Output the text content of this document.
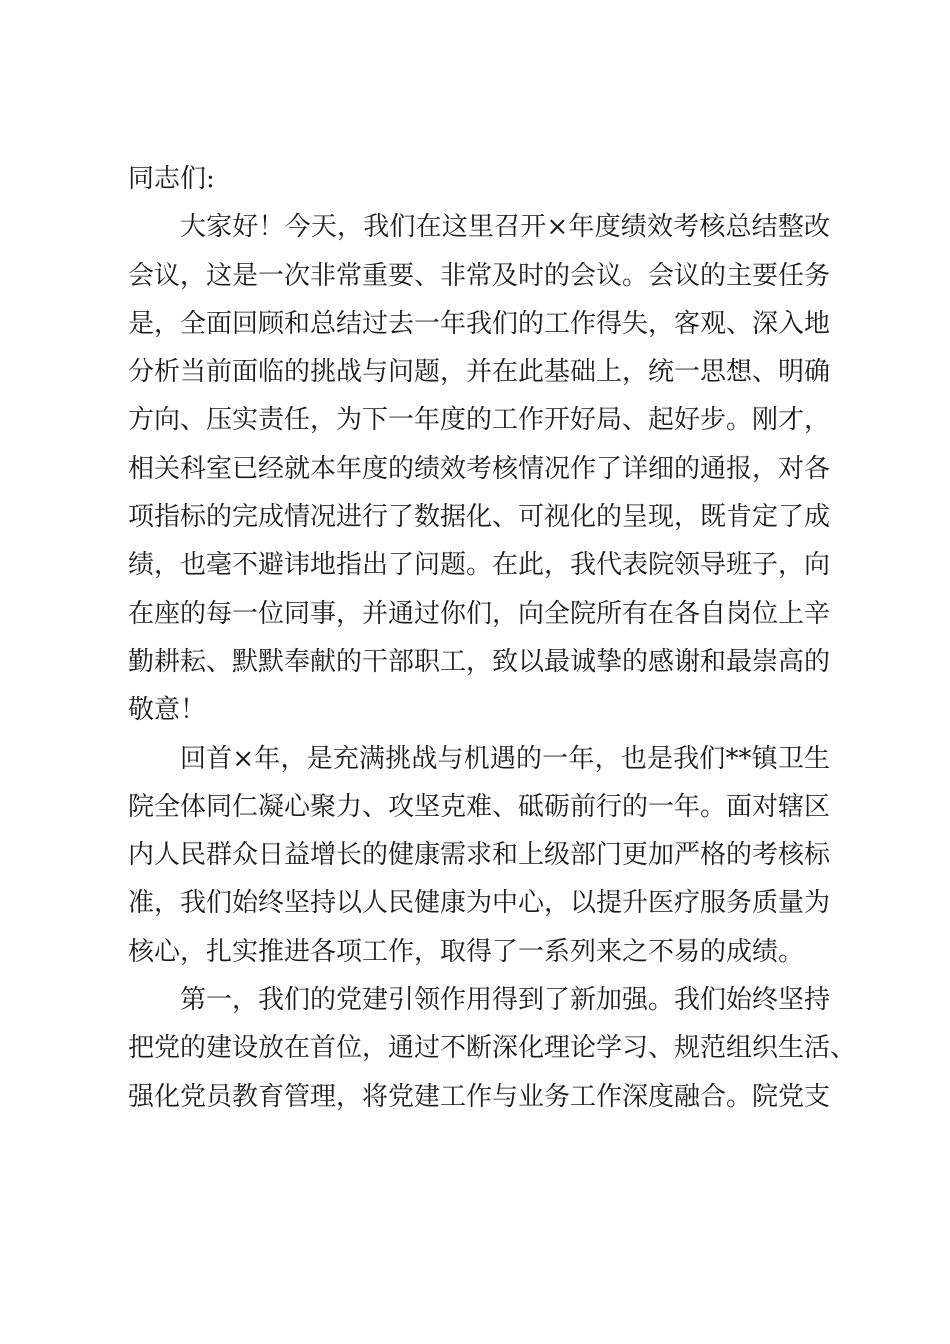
同志们:
大家好！今天，我们在这里召开×年度绩效考核总结整改
会议，这是一次非常重要、非常及时的会议。会议的主要任务
是，全面回顾和总结过去一年我们的工作得失，客观、深入地
分析当前面临的挑战与问题，并在此基础上，统一思想、明确
方向、压实责任，为下一年度的工作开好局、起好步。刚才，
相关科室已经就本年度的绩效考核情况作了详细的通报，对各
项指标的完成情况进行了数据化、可视化的呈现，既肯定了成
绩，也毫不避讳地指出了问题。在此，我代表院领导班子，向
在座的每一位同事，并通过你们，向全院所有在各自岗位上辛
勤耕耘、默默奉献的干部职工，致以最诚挚的感谢和最崇高的
敬意！
回首×年，是充满挑战与机遇的一年，也是我们**镇卫生
院全体同仁凝心聚力、攻坚克难、砥砺前行的一年。面对辖区
内人民群众日益增长的健康需求和上级部门更加严格的考核标
准，我们始终坚持以人民健康为中心，以提升医疗服务质量为
核心，扎实推进各项工作，取得了一系列来之不易的成绩。
第一，我们的党建引领作用得到了新加强。我们始终坚持
把党的建设放在首位，通过不断深化理论学习、规范组织生活、
强化党员教育管理，将党建工作与业务工作深度融合。院党支
